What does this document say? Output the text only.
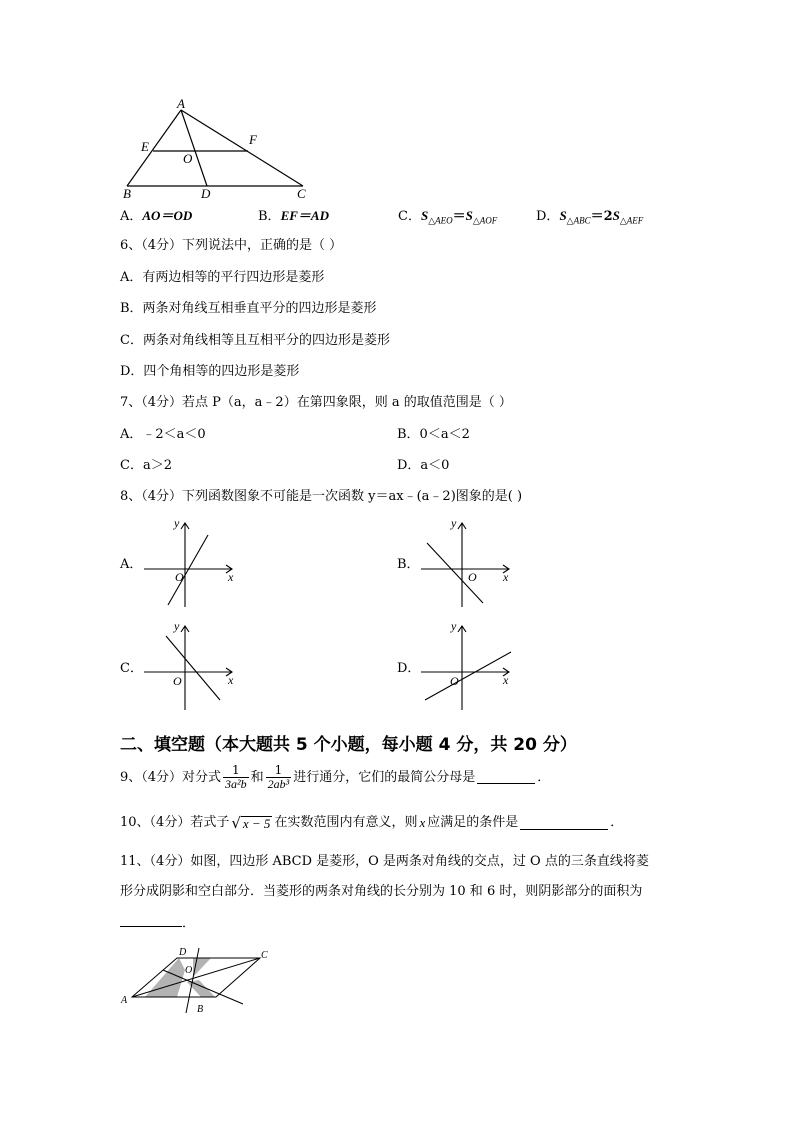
A
E	F
O
B	D	C
A．AO＝OD	B．EF＝AD	C．$S_{\triangle AEO}=S_{\triangle AOF}$	D．$S_{\triangle ABC}=2S_{\triangle AEF}$
6、（4分）下列说法中，正确的是（ ）
A．有两边相等的平行四边形是菱形
B．两条对角线互相垂直平分的四边形是菱形
C．两条对角线相等且互相平分的四边形是菱形
D．四个角相等的四边形是菱形
7、（4分）若点 P（a，a﹣2）在第四象限，则 a 的取值范围是（ ）
A．﹣2＜a＜0	B．0＜a＜2
C．a＞2	D．a＜0
8、（4分）下列函数图象不可能是一次函数 y＝ax﹣(a﹣2)图象的是( )
A．
y
x
O
B．
y
x
O
C．
y
x
O
D．
y
x
O
二、填空题（本大题共 5 个小题，每小题 4 分，共 20 分）
9、（4分）对分式 $\frac{1}{\text{3a²b}}$ 和 $\frac{1}{\text{2ab³}}$ 进行通分，它们的最简公分母是	．
10、（4分）若式子 √ x − 5 在实数范围内有意义，则 x 应满足的条件是	．
11、（4分）如图，四边形 ABCD 是菱形，O 是两条对角线的交点，过 O 点的三条直线将菱
形分成阴影和空白部分．当菱形的两条对角线的长分别为 10 和 6 时，则阴影部分的面积为
．
D	C
O
A
B
